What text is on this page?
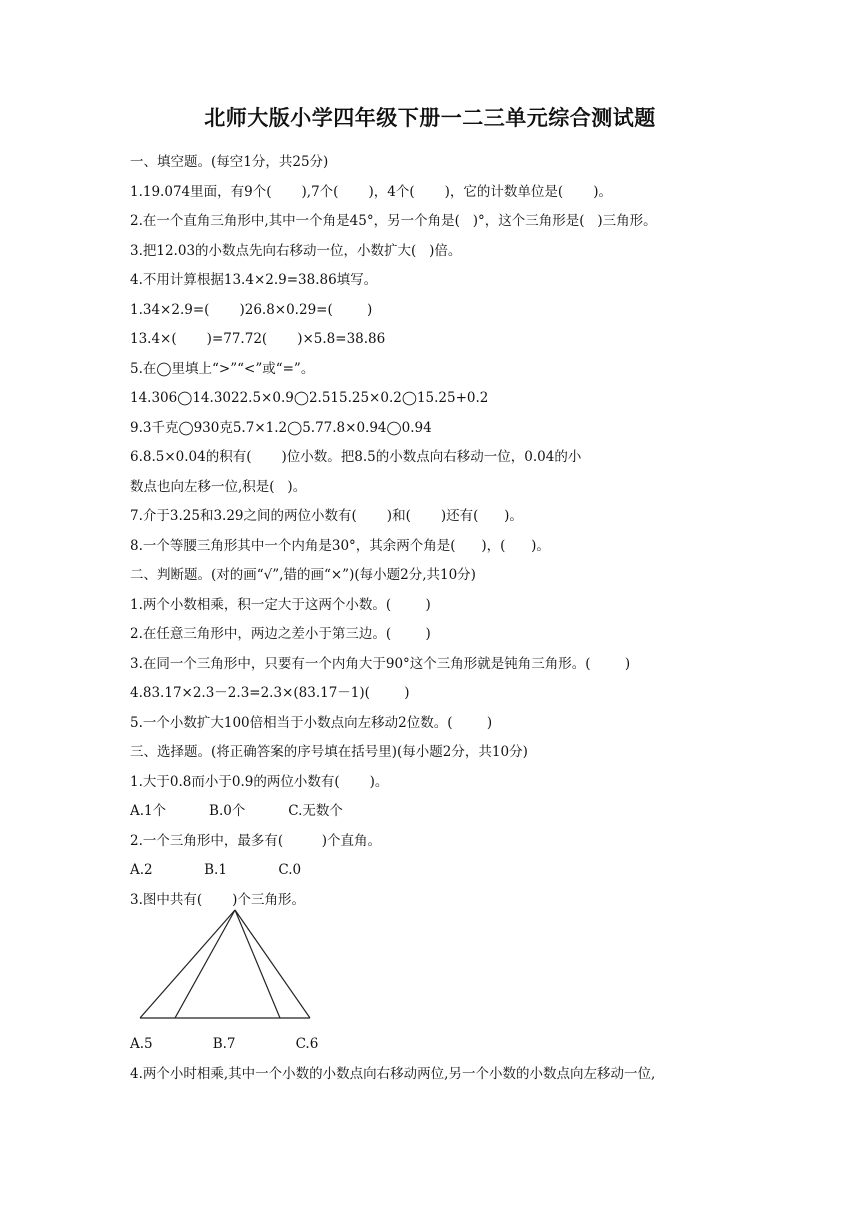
北师大版小学四年级下册一二三单元综合测试题
一、填空题。(每空1分，共25分)
1.19.074里面，有9个(       ),7个(       )，4个(       )，它的计数单位是(       )。
2.在一个直角三角形中,其中一个角是45°，另一个角是(   )°，这个三角形是(   )三角形。
3.把12.03的小数点先向右移动一位，小数扩大(   )倍。
4.不用计算根据13.4×2.9=38.86填写。
1.34×2.9=(       )26.8×0.29=(        )
13.4×(       )=77.72(       )×5.8=38.86
5.在◯里填上“>”“<”或“=”。
14.306◯14.3022.5×0.9◯2.515.25×0.2◯15.25+0.2
9.3千克◯930克5.7×1.2◯5.77.8×0.94◯0.94
6.8.5×0.04的积有(       )位小数。把8.5的小数点向右移动一位，0.04的小
数点也向左移一位,积是(   )。
7.介于3.25和3.29之间的两位小数有(       )和(       )还有(      )。
8.一个等腰三角形其中一个内角是30°，其余两个角是(      )，(      )。
二、判断题。(对的画“√”,错的画“×”)(每小题2分,共10分)
1.两个小数相乘，积一定大于这两个小数。(        )
2.在任意三角形中，两边之差小于第三边。(        )
3.在同一个三角形中，只要有一个内角大于90°这个三角形就是钝角三角形。(        )
4.83.17×2.3－2.3=2.3×(83.17－1)(        )
5.一个小数扩大100倍相当于小数点向左移动2位数。(        )
三、选择题。(将正确答案的序号填在括号里)(每小题2分，共10分)
1.大于0.8而小于0.9的两位小数有(       )。
A.1个          B.0个          C.无数个
2.一个三角形中，最多有(         )个直角。
A.2            B.1            C.0
3.图中共有(       )个三角形。
A.5              B.7              C.6
4.两个小时相乘,其中一个小数的小数点向右移动两位,另一个小数的小数点向左移动一位,
